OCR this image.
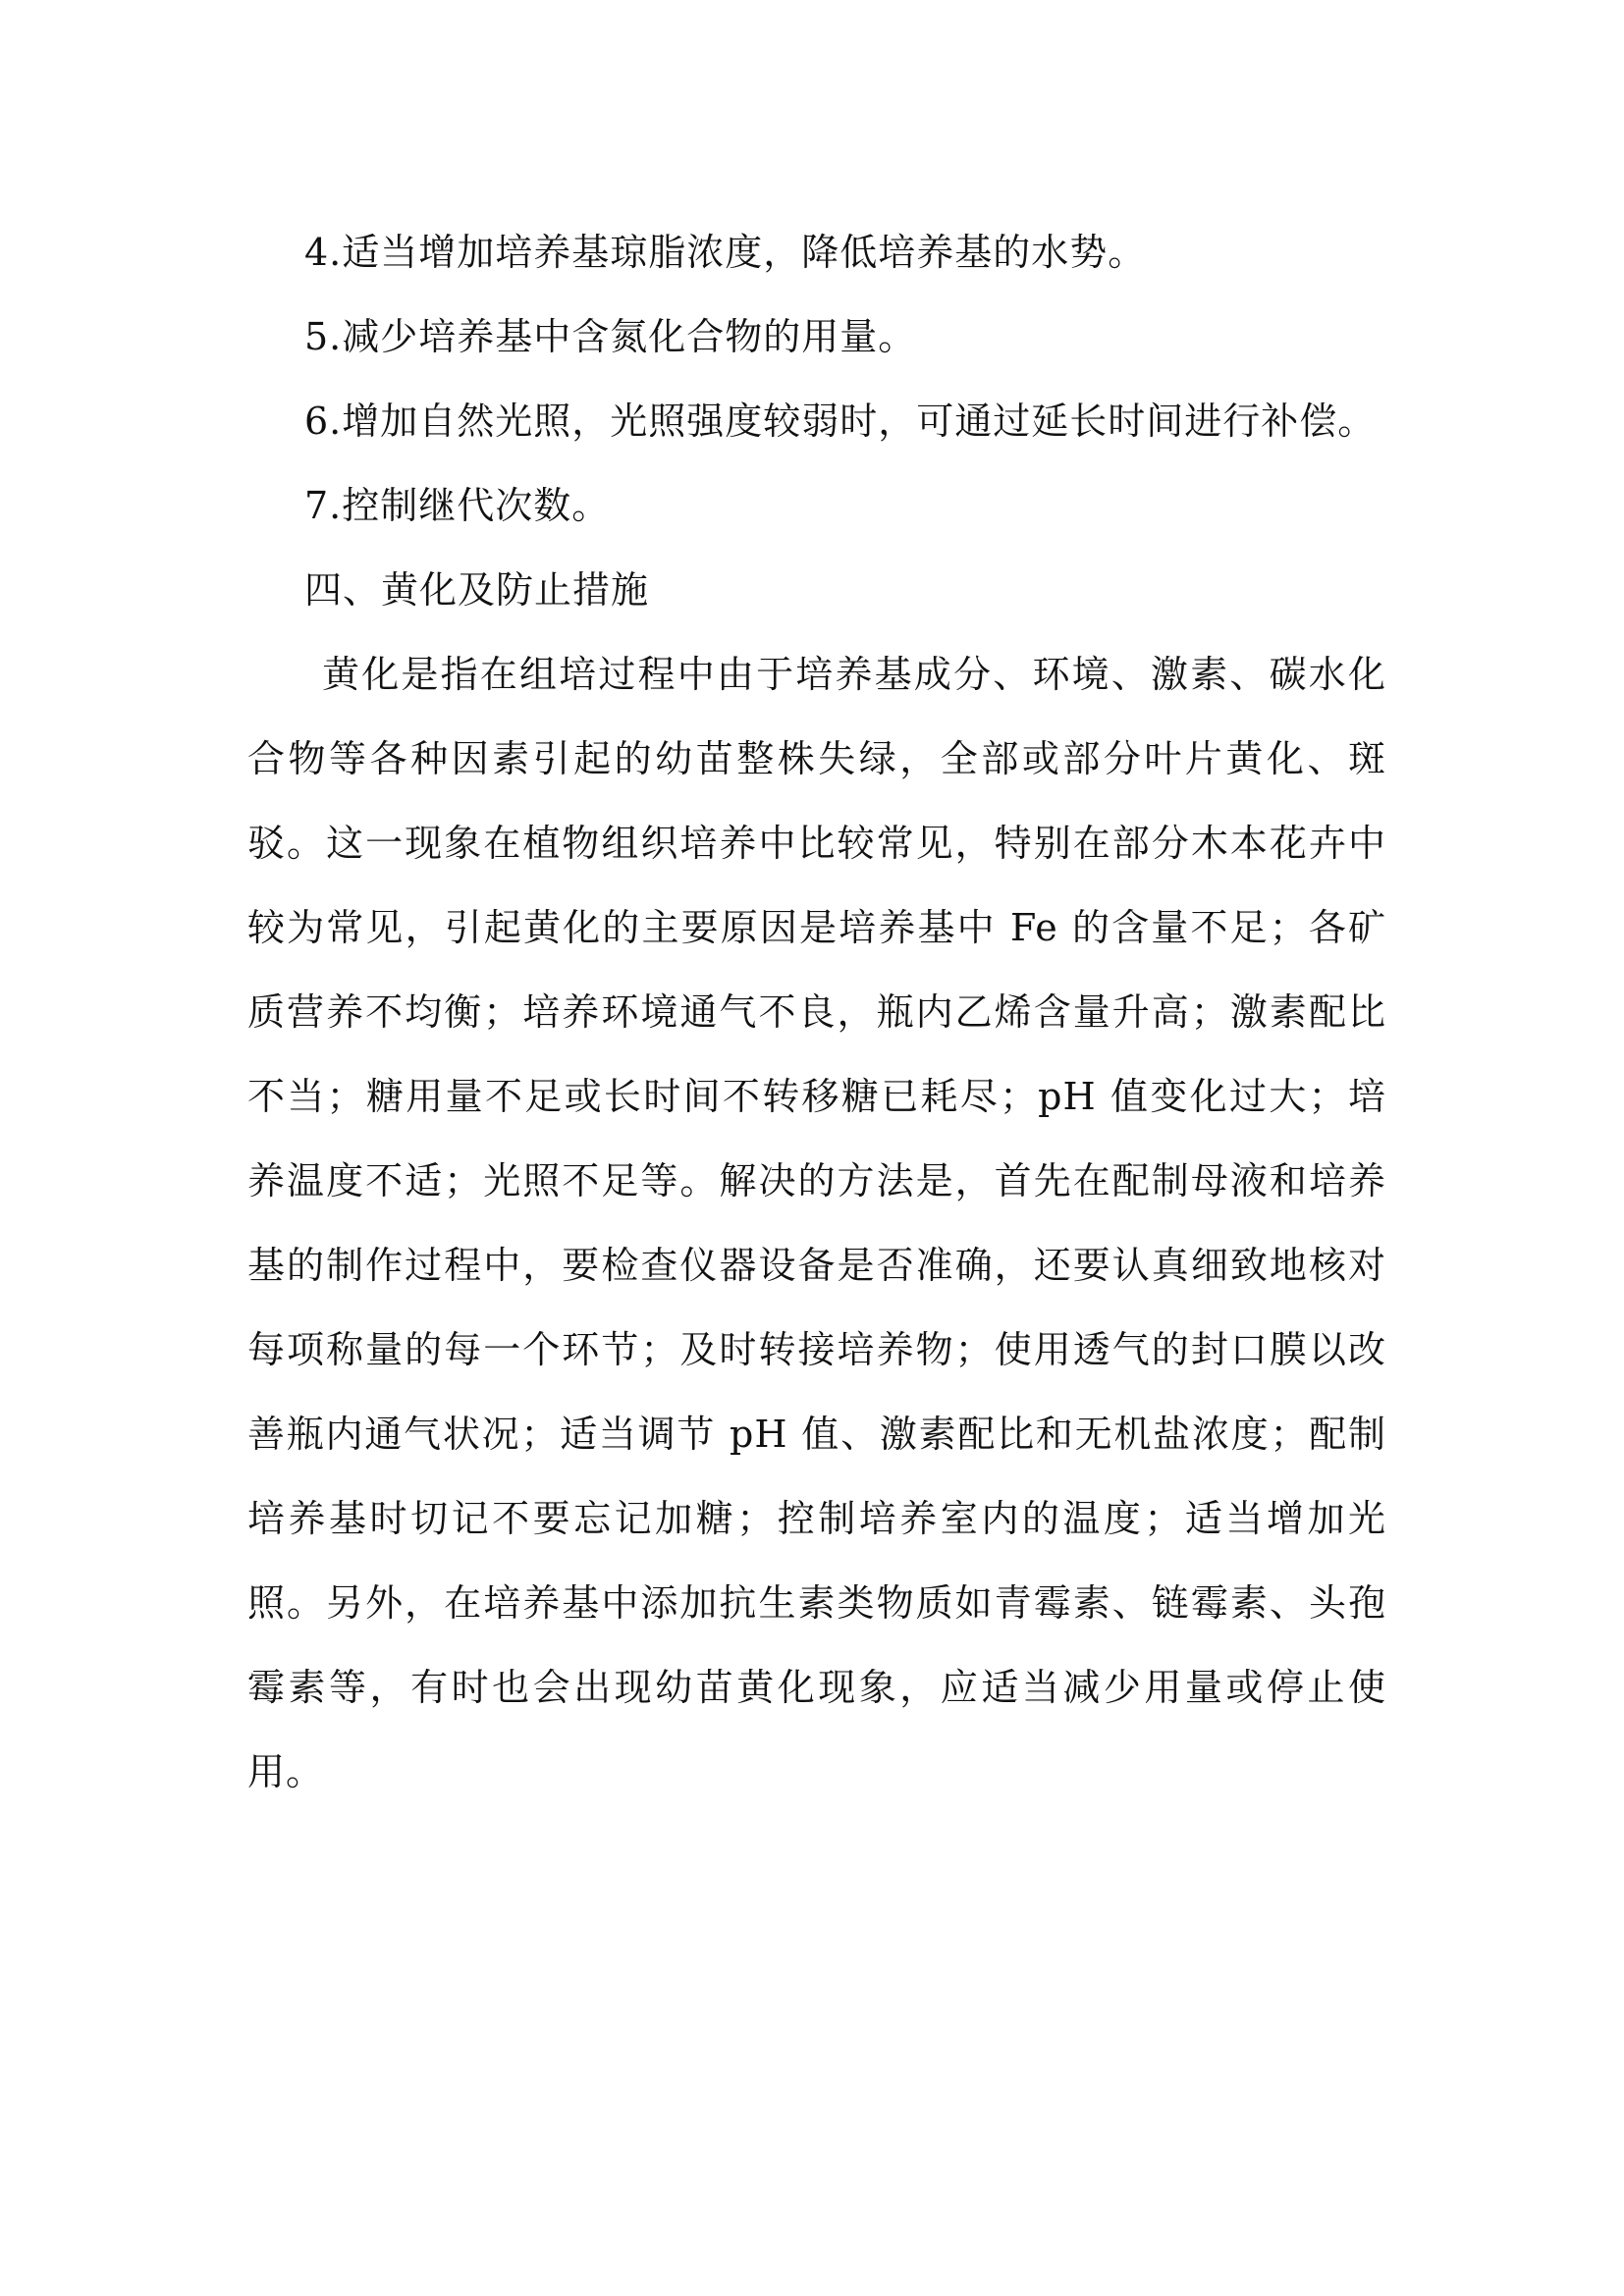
4.适当增加培养基琼脂浓度，降低培养基的水势。
5.减少培养基中含氮化合物的用量。
6.增加自然光照，光照强度较弱时，可通过延长时间进行补偿。
7.控制继代次数。
四、黄化及防止措施

黄化是指在组培过程中由于培养基成分、环境、激素、碳水化合物等各种因素引起的幼苗整株失绿，全部或部分叶片黄化、斑驳。这一现象在植物组织培养中比较常见，特别在部分木本花卉中较为常见，引起黄化的主要原因是培养基中 Fe 的含量不足；各矿质营养不均衡；培养环境通气不良，瓶内乙烯含量升高；激素配比不当；糖用量不足或长时间不转移糖已耗尽；pH 值变化过大；培养温度不适；光照不足等。解决的方法是，首先在配制母液和培养基的制作过程中，要检查仪器设备是否准确，还要认真细致地核对每项称量的每一个环节；及时转接培养物；使用透气的封口膜以改善瓶内通气状况；适当调节 pH 值、激素配比和无机盐浓度；配制培养基时切记不要忘记加糖；控制培养室内的温度；适当增加光照。另外，在培养基中添加抗生素类物质如青霉素、链霉素、头孢霉素等，有时也会出现幼苗黄化现象，应适当减少用量或停止使用。
